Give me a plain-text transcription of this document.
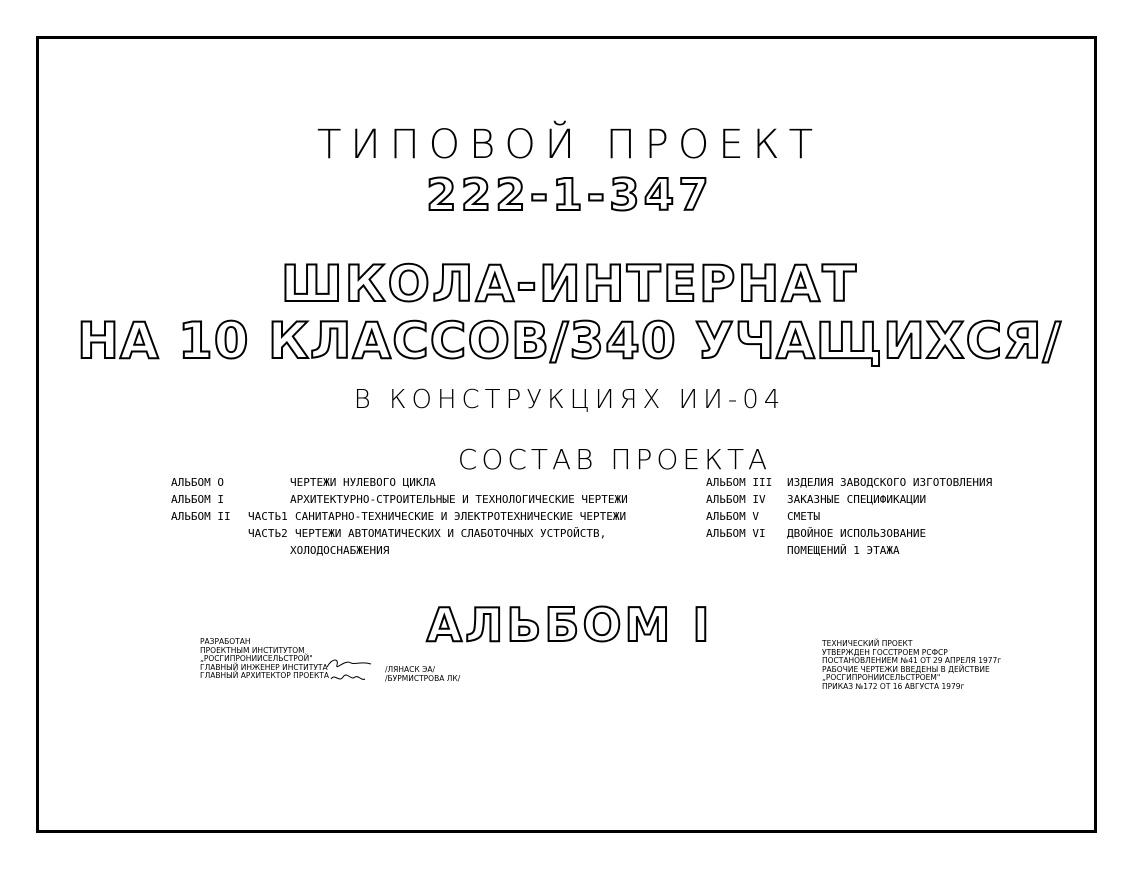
ТИПОВОЙ ПРОЕКТ
222-1-347
ШКОЛА-ИНТЕРНАТ
НА 10 КЛАССОВ/340 УЧАЩИХСЯ/
В КОНСТРУКЦИЯХ ИИ-04
СОСТАВ ПРОЕКТА
АЛЬБОМ О	ЧЕРТЕЖИ НУЛЕВОГО ЦИКЛА
АЛЬБОМ I	АРХИТЕКТУРНО-СТРОИТЕЛЬНЫЕ И ТЕХНОЛОГИЧЕСКИЕ ЧЕРТЕЖИ
АЛЬБОМ II ЧАСТЬ1 САНИТАРНО-ТЕХНИЧЕСКИЕ И ЭЛЕКТРОТЕХНИЧЕСКИЕ ЧЕРТЕЖИ
ЧАСТЬ2 ЧЕРТЕЖИ АВТОМАТИЧЕСКИХ И СЛАБОТОЧНЫХ УСТРОЙСТВ,
ХОЛОДОСНАБЖЕНИЯ
АЛЬБОМ III ИЗДЕЛИЯ ЗАВОДСКОГО ИЗГОТОВЛЕНИЯ
АЛЬБОМ IV ЗАКАЗНЫЕ СПЕЦИФИКАЦИИ
АЛЬБОМ V	СМЕТЫ
АЛЬБОМ VI ДВОЙНОЕ ИСПОЛЬЗОВАНИЕ
ПОМЕЩЕНИЙ 1 ЭТАЖА
АЛЬБОМ I
РАЗРАБОТАН
ПРОЕКТНЫМ ИНСТИТУТОМ
„РОСГИПРОНИИСЕЛЬСТРОЙ"
ГЛАВНЫЙ ИНЖЕНЕР ИНСТИТУТА
ГЛАВНЫЙ АРХИТЕКТОР ПРОЕКТА
/ЛЯНАСК ЭА/
/БУРМИСТРОВА ЛК/
ТЕХНИЧЕСКИЙ ПРОЕКТ
УТВЕРЖДЕН ГОССТРОЕМ РСФСР
ПОСТАНОВЛЕНИЕМ №41 ОТ 29 АПРЕЛЯ 1977г
РАБОЧИЕ ЧЕРТЕЖИ ВВЕДЕНЫ В ДЕЙСТВИЕ
„РОСГИПРОНИИСЕЛЬСТРОЕМ"
ПРИКАЗ №172 ОТ 16 АВГУСТА 1979г
